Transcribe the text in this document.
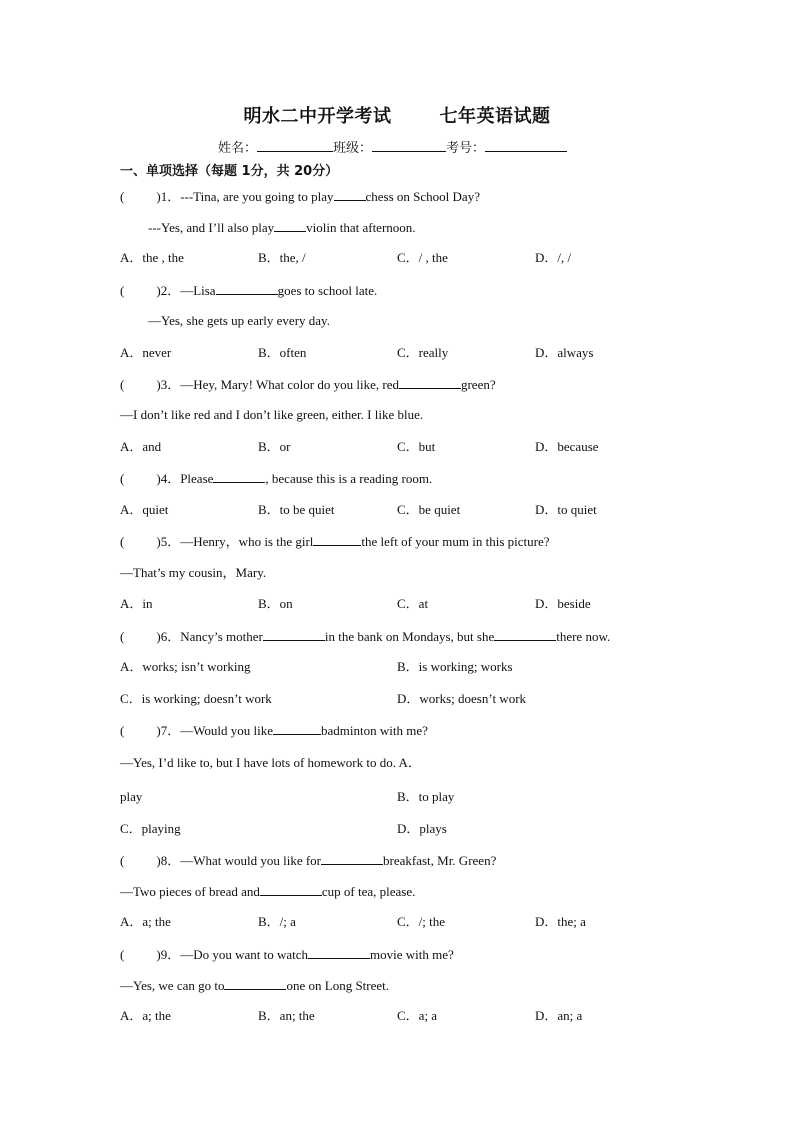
明水二中开学考试	七年英语试题
姓名：	班级：	考号：
一、单项选择（每题 1分，共 20分）
( )1．---Tina, are you going to play chess on School Day?
---Yes, and I’ll also play violin that afternoon.
A．the , the	B．the, /	C．/ , the	D．/, /
( )2．—Lisa	goes to school late.
—Yes, she gets up early every day.
A．never	B．often	C．really	D．always
( )3．—Hey, Mary! What color do you like, red	green?
—I don’t like red and I don’t like green, either. I like blue.
A．and	B．or	C．but	D．because
( )4．Please	, because this is a reading room.
A．quiet	B．to be quiet	C．be quiet	D．to quiet
( )5．—Henry，who is the girl	the left of your mum in this picture?
—That’s my cousin，Mary.
A．in	B．on	C．at	D．beside
( )6．Nancy’s mother	in the bank on Mondays, but she	there now.
A．works; isn’t working	B．is working; works
C．is working; doesn’t work	D．works; doesn’t work
( )7．—Would you like	badminton with me?
—Yes, I’d like to, but I have lots of homework to do. A．
play	B．to play
C．playing	D．plays
( )8．—What would you like for	breakfast, Mr. Green?
—Two pieces of bread and	cup of tea, please.
A．a; the	B．/; a	C．/; the	D．the; a
( )9．—Do you want to watch	movie with me?
—Yes, we can go to	one on Long Street.
A．a; the	B．an; the	C．a; a	D．an; a
